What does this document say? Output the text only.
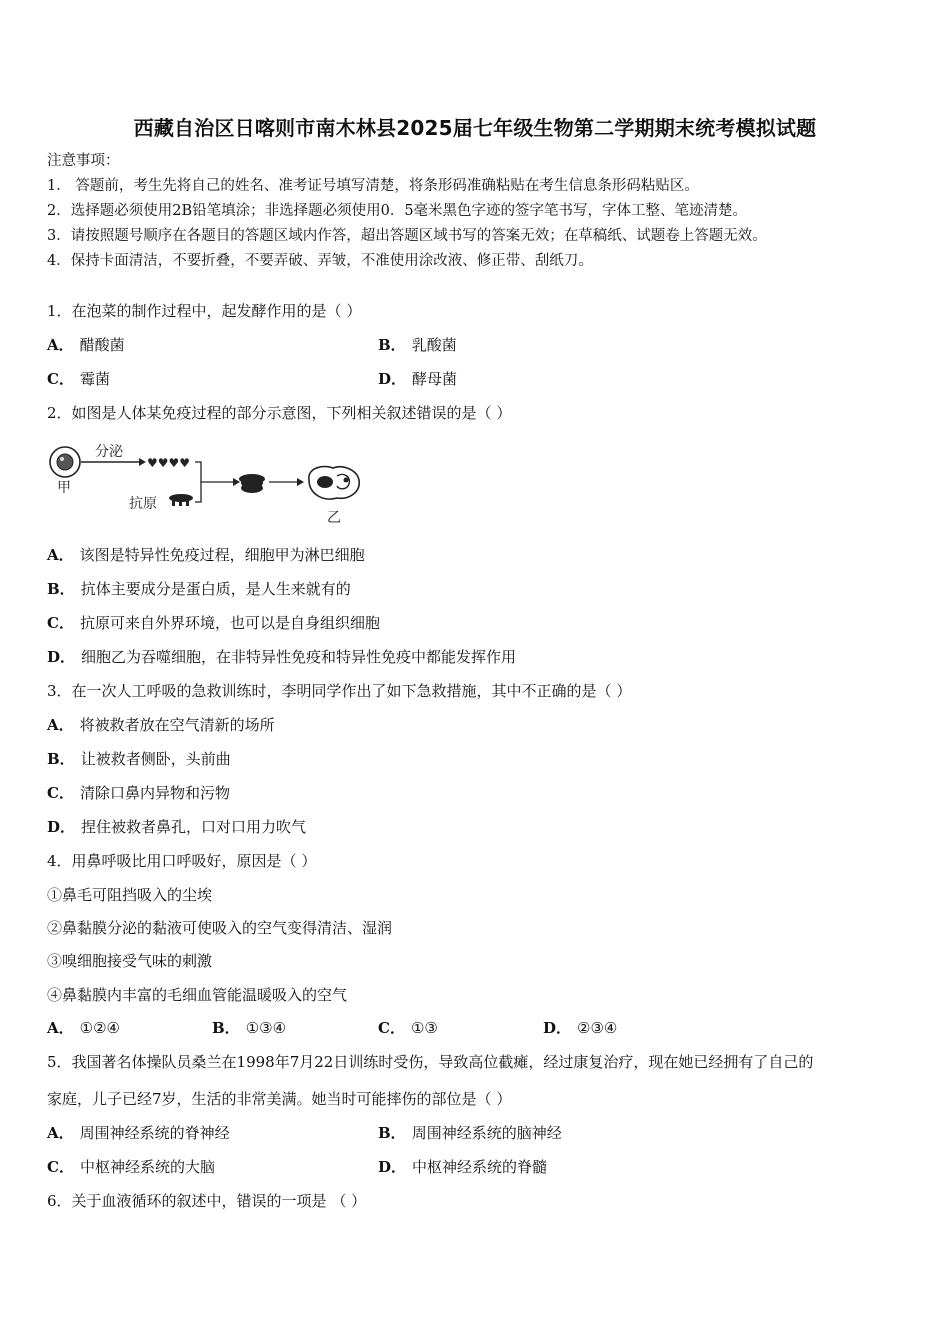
西藏自治区日喀则市南木林县2025届七年级生物第二学期期末统考模拟试题
注意事项：
1． 答题前，考生先将自己的姓名、准考证号填写清楚，将条形码准确粘贴在考生信息条形码粘贴区。
2．选择题必须使用2B铅笔填涂；非选择题必须使用0．5毫米黑色字迹的签字笔书写，字体工整、笔迹清楚。
3．请按照题号顺序在各题目的答题区域内作答，超出答题区域书写的答案无效；在草稿纸、试题卷上答题无效。
4．保持卡面清洁，不要折叠，不要弄破、弄皱，不准使用涂改液、修正带、刮纸刀。
1．在泡菜的制作过程中，起发酵作用的是（ ）
A． 醋酸菌	B． 乳酸菌
C． 霉菌	D． 酵母菌
2．如图是人体某免疫过程的部分示意图，下列相关叙述错误的是（ ）
甲
分泌
♥♥♥♥
抗原
乙
A． 该图是特异性免疫过程，细胞甲为淋巴细胞
B． 抗体主要成分是蛋白质，是人生来就有的
C． 抗原可来自外界环境，也可以是自身组织细胞
D． 细胞乙为吞噬细胞，在非特异性免疫和特异性免疫中都能发挥作用
3．在一次人工呼吸的急救训练时，李明同学作出了如下急救措施，其中不正确的是（ ）
A． 将被救者放在空气清新的场所
B． 让被救者侧卧，头前曲
C． 清除口鼻内异物和污物
D． 捏住被救者鼻孔，口对口用力吹气
4．用鼻呼吸比用口呼吸好，原因是（ ）
①鼻毛可阻挡吸入的尘埃
②鼻黏膜分泌的黏液可使吸入的空气变得清洁、湿润
③嗅细胞接受气味的刺激
④鼻黏膜内丰富的毛细血管能温暖吸入的空气
A． ①②④	B． ①③④	C． ①③	D． ②③④
5．我国著名体操队员桑兰在1998年7月22日训练时受伤，导致高位截瘫，经过康复治疗，现在她已经拥有了自己的
家庭，儿子已经7岁，生活的非常美满。她当时可能摔伤的部位是（ ）
A． 周围神经系统的脊神经	B． 周围神经系统的脑神经
C． 中枢神经系统的大脑	D． 中枢神经系统的脊髓
6．关于血液循环的叙述中，错误的一项是 （ ）
